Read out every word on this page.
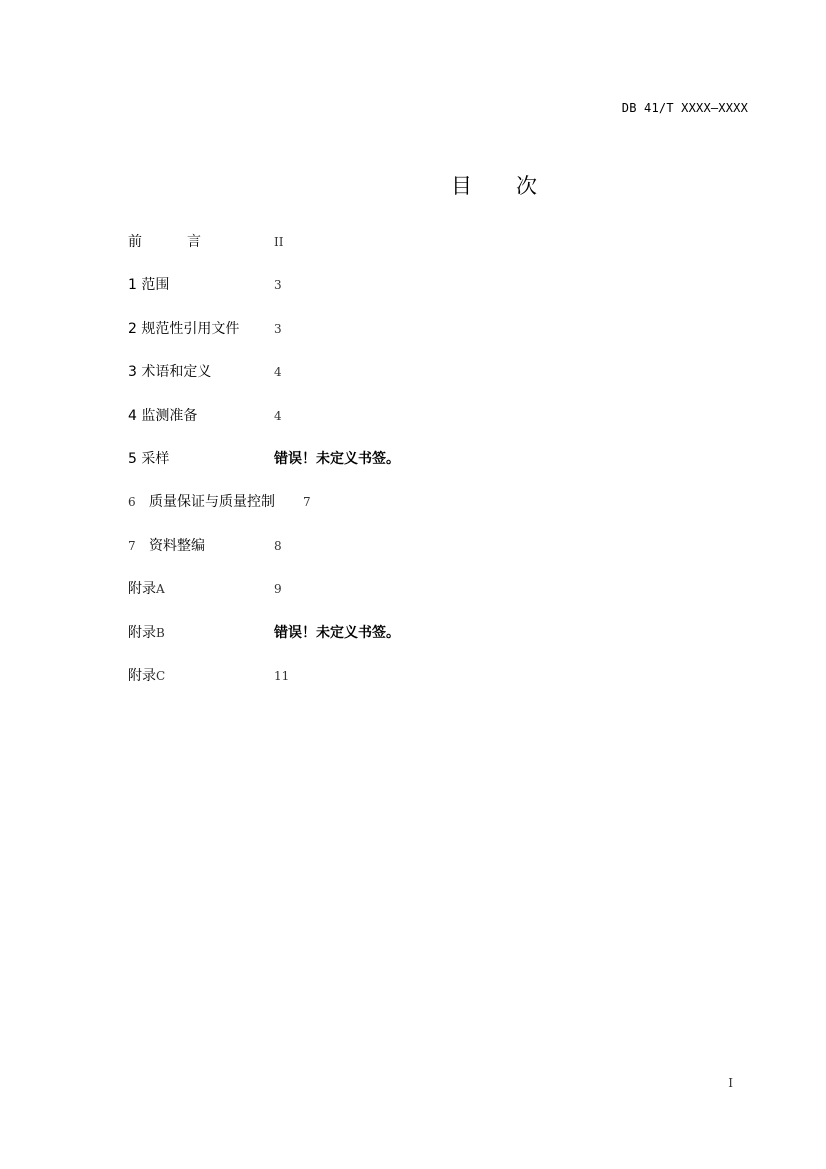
DB 41/T XXXX—XXXX
目 次
前	言	II
1 范围	3
2 规范性引用文件	3
3 术语和定义	4
4 监测准备	4
5 采样	错误！未定义书签。
6 质量保证与质量控制 7
7 资料整编	8
附录A	9
附录B	错误！未定义书签。
附录C	11
I
